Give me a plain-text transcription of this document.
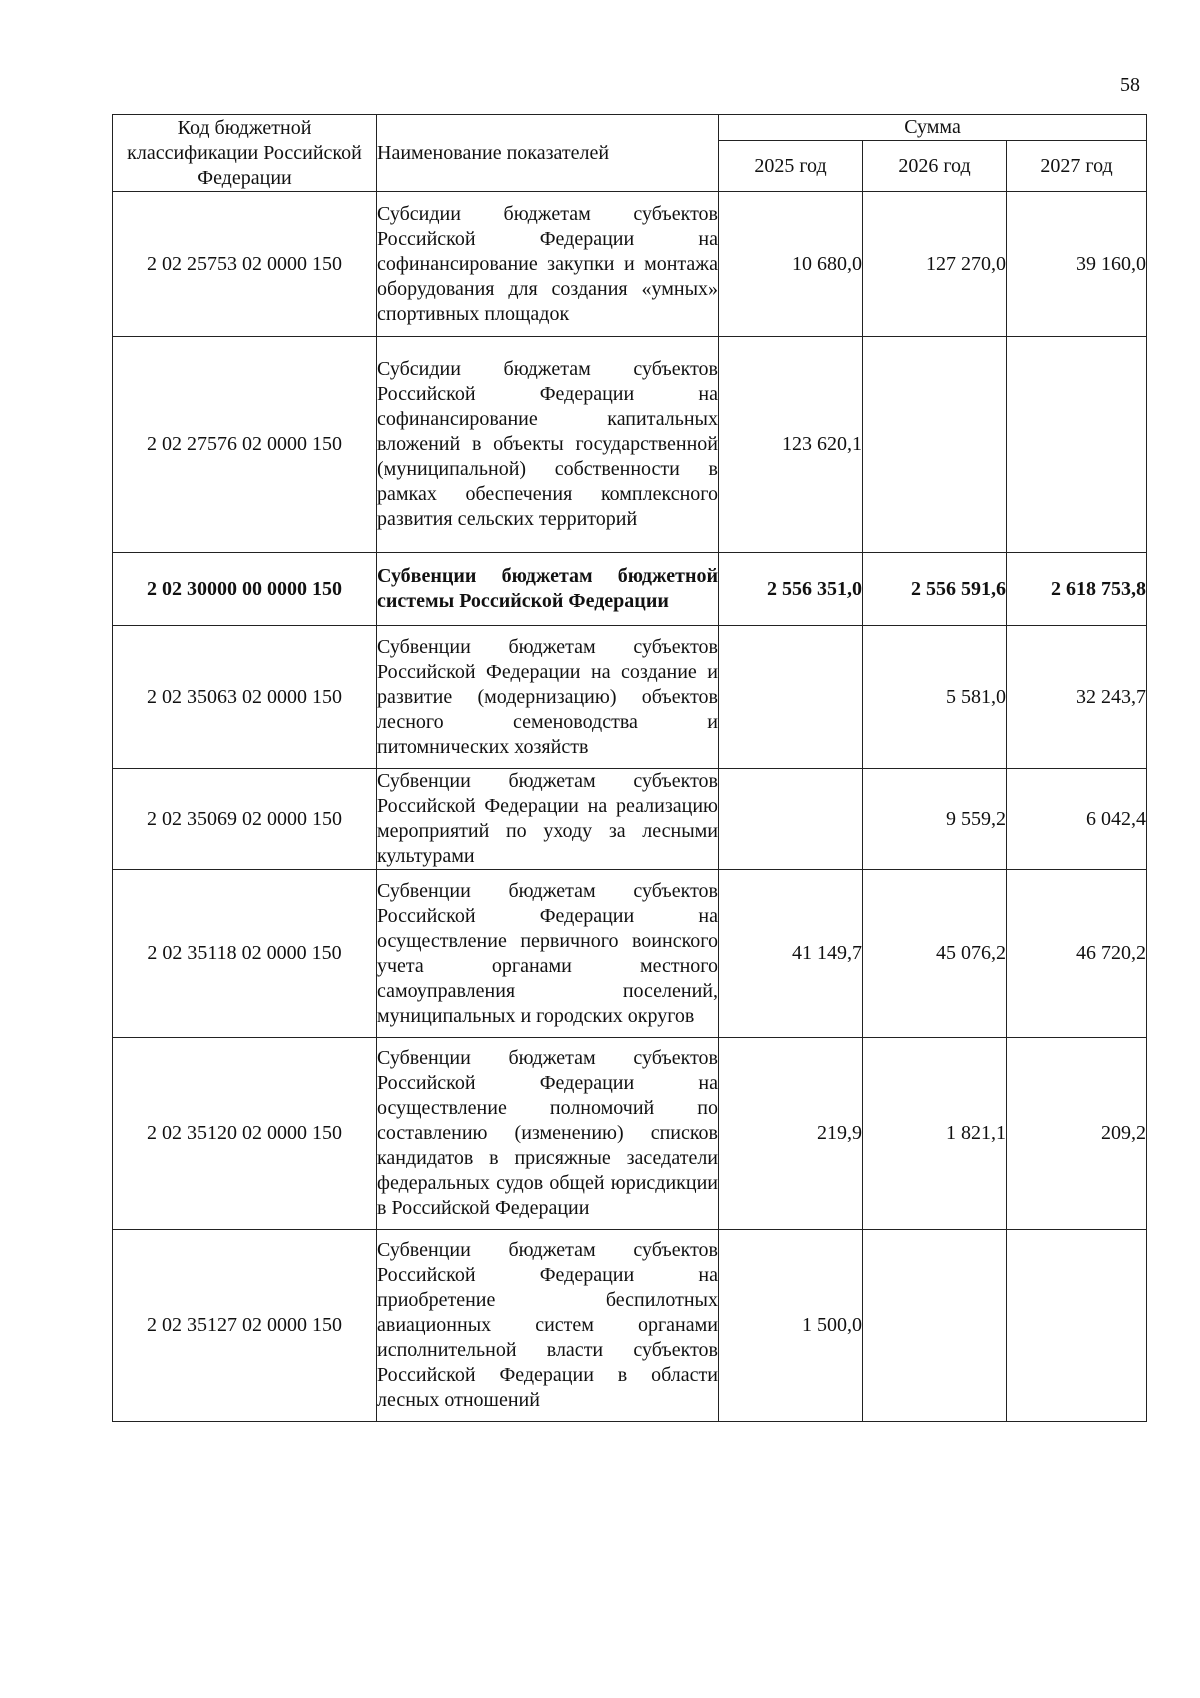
58
Код бюджетной классификации Российской Федерации	Наименование показателей	Сумма		
		2025 год	2026 год	2027 год
2 02 25753 02 0000 150	Субсидии бюджетам субъектов Российской Федерации на софинансирование закупки и монтажа оборудования для создания «умных» спортивных площадок	10 680,0	127 270,0	39 160,0
2 02 27576 02 0000 150	Субсидии бюджетам субъектов Российской Федерации на софинансирование капитальных вложений в объекты государственной (муниципальной) собственности в рамках обеспечения комплексного развития сельских территорий	123 620,1		
2 02 30000 00 0000 150	Субвенции бюджетам бюджетной системы Российской Федерации	2 556 351,0	2 556 591,6	2 618 753,8
2 02 35063 02 0000 150	Субвенции бюджетам субъектов Российской Федерации на создание и развитие (модернизацию) объектов лесного семеноводства и питомнических хозяйств		5 581,0	32 243,7
2 02 35069 02 0000 150	Субвенции бюджетам субъектов Российской Федерации на реализацию мероприятий по уходу за лесными культурами		9 559,2	6 042,4
2 02 35118 02 0000 150	Субвенции бюджетам субъектов Российской Федерации на осуществление первичного воинского учета органами местного самоуправления поселений, муниципальных и городских округов	41 149,7	45 076,2	46 720,2
2 02 35120 02 0000 150	Субвенции бюджетам субъектов Российской Федерации на осуществление полномочий по составлению (изменению) списков кандидатов в присяжные заседатели федеральных судов общей юрисдикции в Российской Федерации	219,9	1 821,1	209,2
2 02 35127 02 0000 150	Субвенции бюджетам субъектов Российской Федерации на приобретение беспилотных авиационных систем органами исполнительной власти субъектов Российской Федерации в области лесных отношений	1 500,0		
